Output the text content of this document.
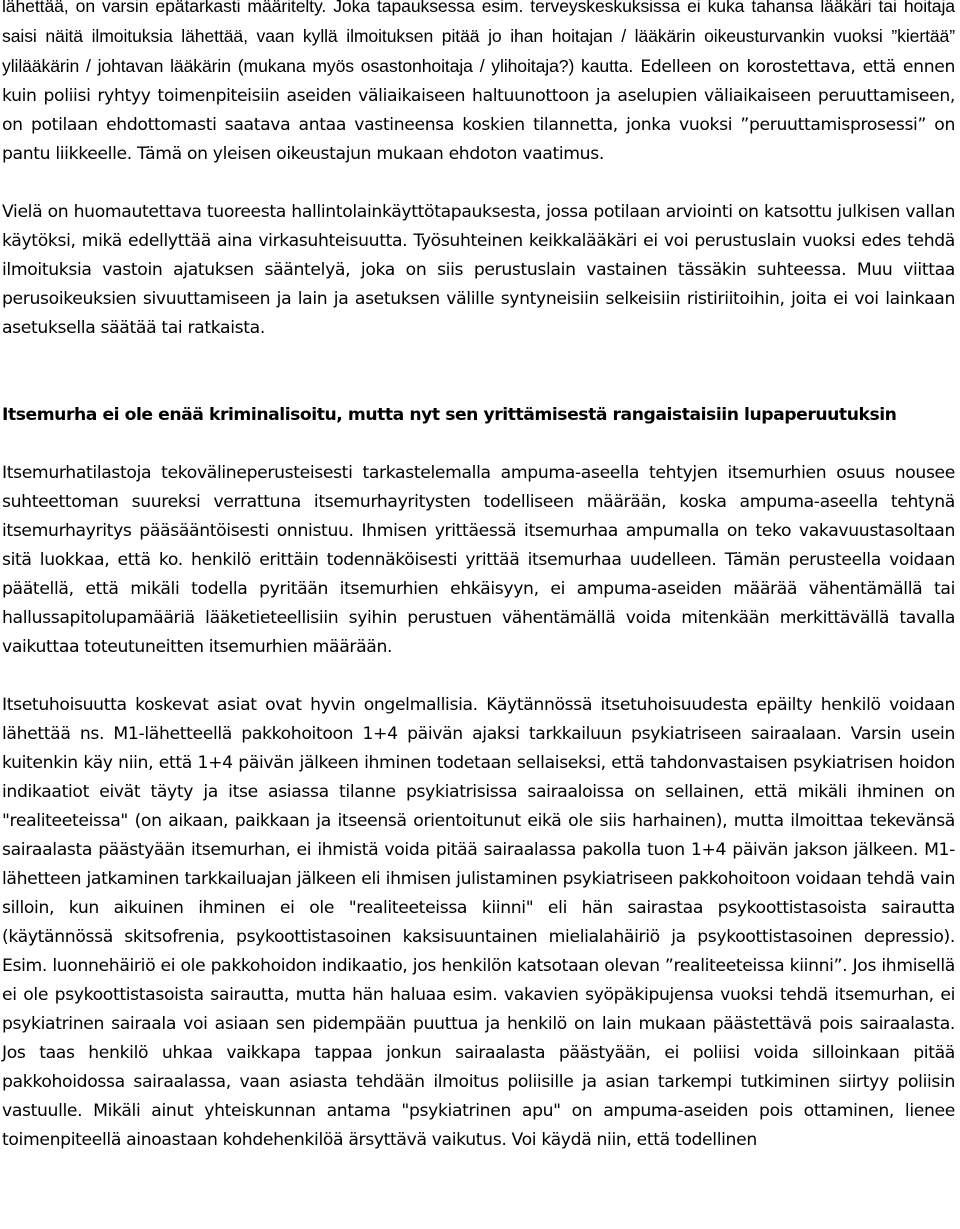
lähettää, on varsin epätarkasti määritelty. Joka tapauksessa esim. terveyskeskuksissa ei kuka tahansa lääkäri tai hoitaja saisi näitä ilmoituksia lähettää, vaan kyllä ilmoituksen pitää jo ihan hoitajan / lääkärin oikeusturvankin vuoksi ”kiertää” ylilääkärin / johtavan lääkärin (mukana myös osastonhoitaja / ylihoitaja?) kautta. Edelleen on korostettava, että ennen kuin poliisi ryhtyy toimenpiteisiin aseiden väliaikaiseen haltuunottoon ja aselupien väliaikaiseen peruuttamiseen, on potilaan ehdottomasti saatava antaa vastineensa koskien tilannetta, jonka vuoksi ”peruuttamisprosessi” on pantu liikkeelle. Tämä on yleisen oikeustajun mukaan ehdoton vaatimus.

Vielä on huomautettava tuoreesta hallintolainkäyttötapauksesta, jossa potilaan arviointi on katsottu julkisen vallan käytöksi, mikä edellyttää aina virkasuhteisuutta. Työsuhteinen keikkalääkäri ei voi perustuslain vuoksi edes tehdä ilmoituksia vastoin ajatuksen sääntelyä, joka on siis perustuslain vastainen tässäkin suhteessa. Muu viittaa perusoikeuksien sivuuttamiseen ja lain ja asetuksen välille syntyneisiin selkeisiin ristiriitoihin, joita ei voi lainkaan asetuksella säätää tai ratkaista.

Itsemurha ei ole enää kriminalisoitu, mutta nyt sen yrittämisestä rangaistaisiin lupaperuutuksin

Itsemurhatilastoja tekovälineperusteisesti tarkastelemalla ampuma-aseella tehtyjen itsemurhien osuus nousee suhteettoman suureksi verrattuna itsemurhayritysten todelliseen määrään, koska ampuma-aseella tehtynä itsemurhayritys pääsääntöisesti onnistuu. Ihmisen yrittäessä itsemurhaa ampumalla on teko vakavuustasoltaan sitä luokkaa, että ko. henkilö erittäin todennäköisesti yrittää itsemurhaa uudelleen. Tämän perusteella voidaan päätellä, että mikäli todella pyritään itsemurhien ehkäisyyn, ei ampuma-aseiden määrää vähentämällä tai hallussapitolupamääriä lääketieteellisiin syihin perustuen vähentämällä voida mitenkään merkittävällä tavalla vaikuttaa toteutuneitten itsemurhien määrään.

Itsetuhoisuutta koskevat asiat ovat hyvin ongelmallisia. Käytännössä itsetuhoisuudesta epäilty henkilö voidaan lähettää ns. M1-lähetteellä pakkohoitoon 1+4 päivän ajaksi tarkkailuun psykiatriseen sairaalaan. Varsin usein kuitenkin käy niin, että 1+4 päivän jälkeen ihminen todetaan sellaiseksi, että tahdonvastaisen psykiatrisen hoidon indikaatiot eivät täyty ja itse asiassa tilanne psykiatrisissa sairaaloissa on sellainen, että mikäli ihminen on "realiteeteissa" (on aikaan, paikkaan ja itseensä orientoitunut eikä ole siis harhainen), mutta ilmoittaa tekevänsä sairaalasta päästyään itsemurhan, ei ihmistä voida pitää sairaalassa pakolla tuon 1+4 päivän jakson jälkeen. M1-lähetteen jatkaminen tarkkailuajan jälkeen eli ihmisen julistaminen psykiatriseen pakkohoitoon voidaan tehdä vain silloin, kun aikuinen ihminen ei ole "realiteeteissa kiinni" eli hän sairastaa psykoottistasoista sairautta (käytännössä skitsofrenia, psykoottistasoinen kaksisuuntainen mielialahäiriö ja psykoottistasoinen depressio). Esim. luonnehäiriö ei ole pakkohoidon indikaatio, jos henkilön katsotaan olevan ”realiteeteissa kiinni”. Jos ihmisellä ei ole psykoottistasoista sairautta, mutta hän haluaa esim. vakavien syöpäkipujensa vuoksi tehdä itsemurhan, ei psykiatrinen sairaala voi asiaan sen pidempään puuttua ja henkilö on lain mukaan päästettävä pois sairaalasta. Jos taas henkilö uhkaa vaikkapa tappaa jonkun sairaalasta päästyään, ei poliisi voida silloinkaan pitää pakkohoidossa sairaalassa, vaan asiasta tehdään ilmoitus poliisille ja asian tarkempi tutkiminen siirtyy poliisin vastuulle. Mikäli ainut yhteiskunnan antama "psykiatrinen apu" on ampuma-aseiden pois ottaminen, lienee toimenpiteellä ainoastaan kohdehenkilöä ärsyttävä vaikutus. Voi käydä niin, että todellinen
